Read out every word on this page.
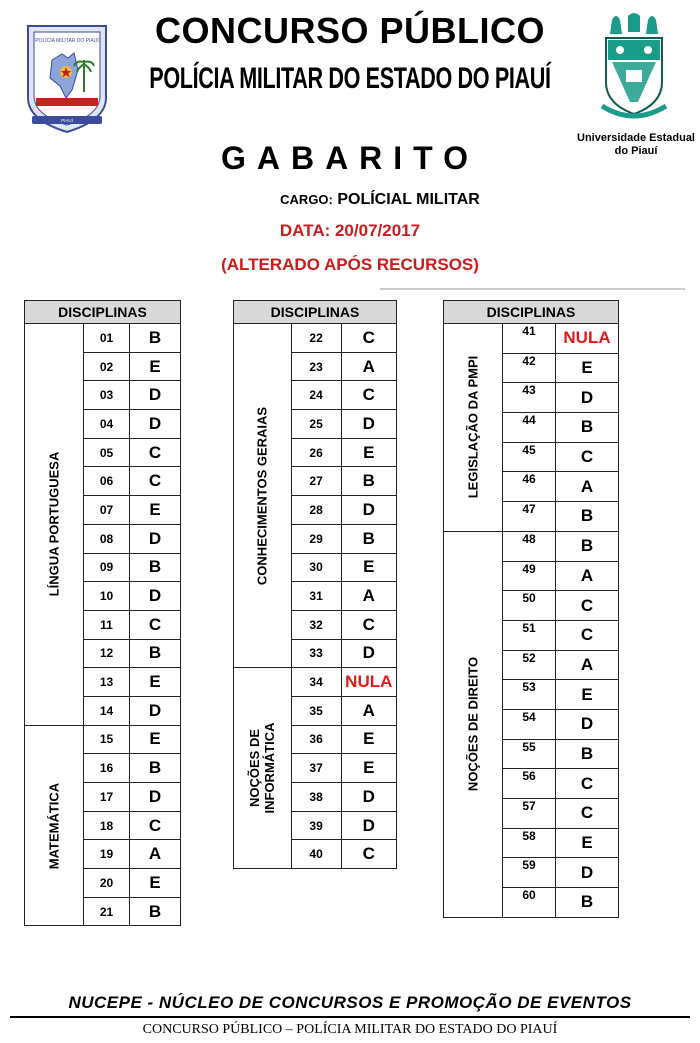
POLÍCIA MILITAR DO PIAUÍ
PIAUÍ
Universidade Estadual do Piauí
CONCURSO PÚBLICO
POLÍCIA MILITAR DO ESTADO DO PIAUÍ
GABARITO
CARGO: POLÍCIAL MILITAR
DATA: 20/07/2017
(ALTERADO APÓS RECURSOS)
DISCIPLINAS		

LÍNGUA PORTUGUESA	01	B
	02	E
	03	D
	04	D
	05	C
	06	C
	07	E
	08	D
	09	B
	10	D
	11	C
	12	B
	13	E
	14	D

MATEMÁTICA	15	E
	16	B
	17	D
	18	C
	19	A
	20	E
	21	B
DISCIPLINAS		

CONHECIMENTOS GERAIAS	22	C
	23	A
	24	C
	25	D
	26	E
	27	B
	28	D
	29	B
	30	E
	31	A
	32	C
	33	D

NOÇÕES DE
INFORMÁTICA	34	NULA
	35	A
	36	E
	37	E
	38	D
	39	D
	40	C
DISCIPLINAS		

LEGISLAÇÃO DA PMPI	41	NULA
	42	E
	43	D
	44	B
	45	C
	46	A
	47	B

NOÇÕES DE DIREITO	48	B
	49	A
	50	C
	51	C
	52	A
	53	E
	54	D
	55	B
	56	C
	57	C
	58	E
	59	D
	60	B
NUCEPE - NÚCLEO DE CONCURSOS E PROMOÇÃO DE EVENTOS
CONCURSO PÚBLICO – POLÍCIA MILITAR DO ESTADO DO PIAUÍ
